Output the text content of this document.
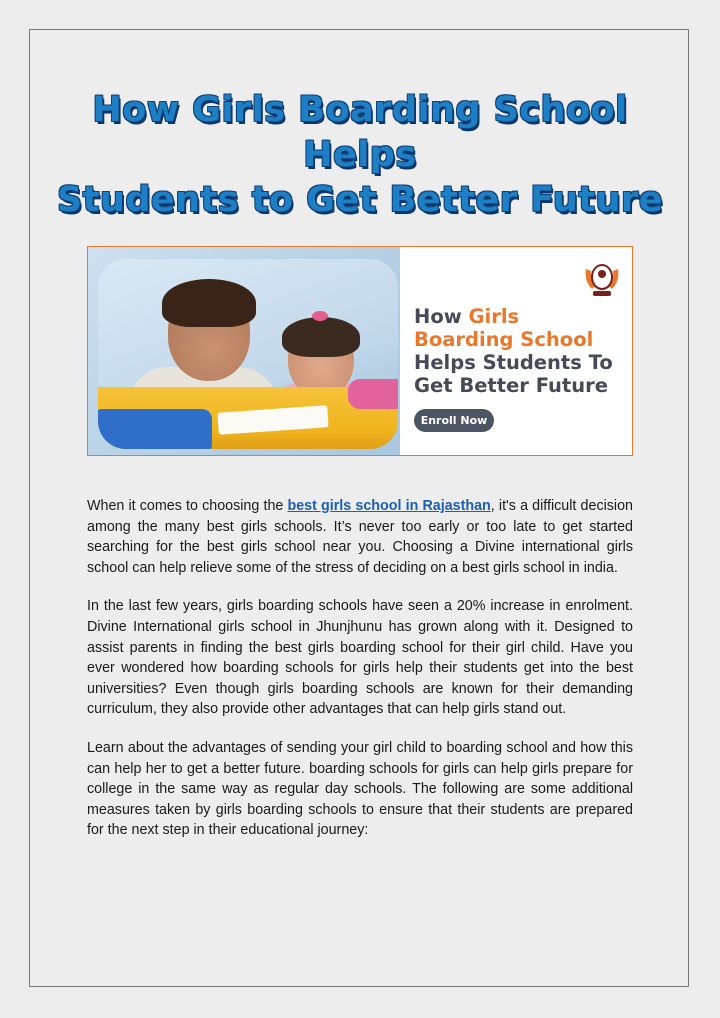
How Girls Boarding School Helps
Students to Get Better Future
How Girls
Boarding School
Helps Students To
Get Better Future
Enroll Now

When it comes to choosing the best girls school in Rajasthan, it's a difficult decision among the many best girls schools. It’s never too early or too late to get started searching for the best girls school near you. Choosing a Divine international girls school can help relieve some of the stress of deciding on a best girls school in india.

In the last few years, girls boarding schools have seen a 20% increase in enrolment. Divine International girls school in Jhunjhunu has grown along with it. Designed to assist parents in finding the best girls boarding school for their girl child. Have you ever wondered how boarding schools for girls help their students get into the best universities? Even though girls boarding schools are known for their demanding curriculum, they also provide other advantages that can help girls stand out.

Learn about the advantages of sending your girl child to boarding school and how this can help her to get a better future. boarding schools for girls can help girls prepare for college in the same way as regular day schools. The following are some additional measures taken by girls boarding schools to ensure that their students are prepared for the next step in their educational journey:
